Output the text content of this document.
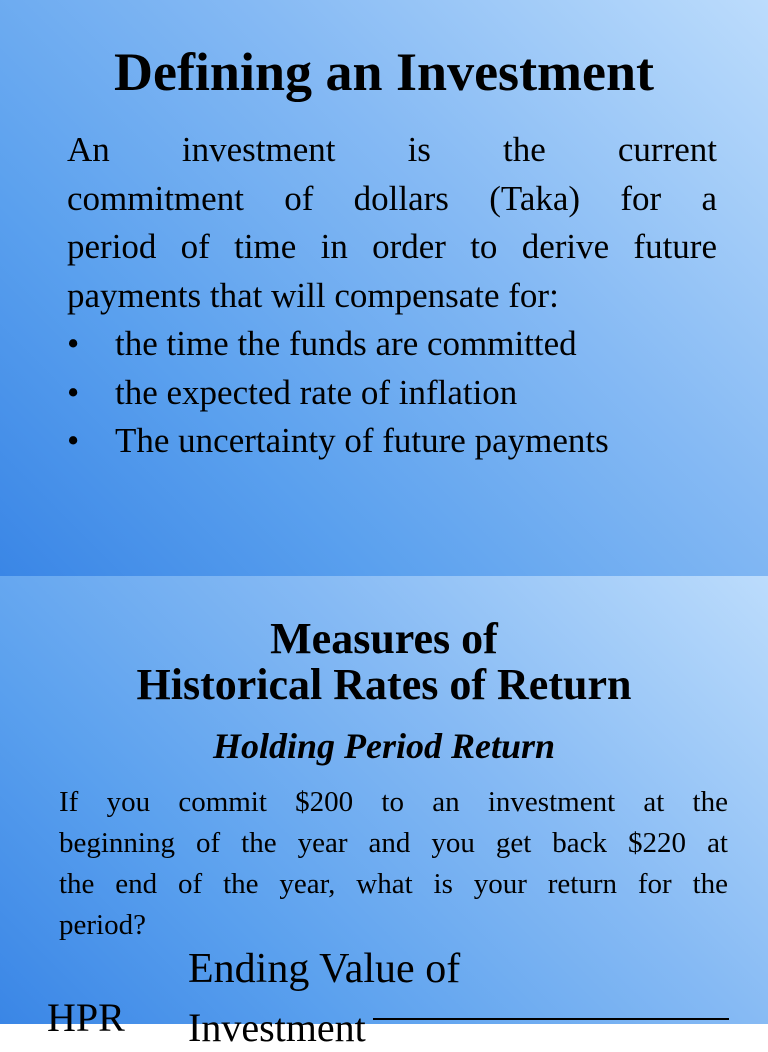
Defining an Investment
An investment is the current
commitment of dollars (Taka) for a
period of time in order to derive future
payments that will compensate for:
• the time the funds are committed
• the expected rate of inflation
• The uncertainty of future payments
Measures of
Historical Rates of Return
Holding Period Return
If you commit $200 to an investment at the
beginning of the year and you get back $220 at
the end of the year, what is your return for the
period?
Ending Value of
HPR Investment
